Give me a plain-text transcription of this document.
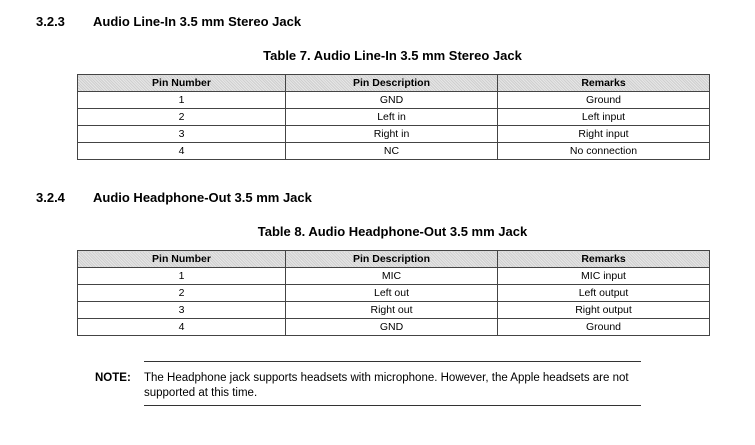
3.2.3 Audio Line-In 3.5 mm Stereo Jack
Table 7. Audio Line-In 3.5 mm Stereo Jack
Pin Number	Pin Description	Remarks
1	GND	Ground
2	Left in	Left input
3	Right in	Right input
4	NC	No connection
3.2.4 Audio Headphone-Out 3.5 mm Jack
Table 8. Audio Headphone-Out 3.5 mm Jack
Pin Number	Pin Description	Remarks
1	MIC	MIC input
2	Left out	Left output
3	Right out	Right output
4	GND	Ground
NOTE: The Headphone jack supports headsets with microphone. However, the Apple headsets are not supported at this time.
